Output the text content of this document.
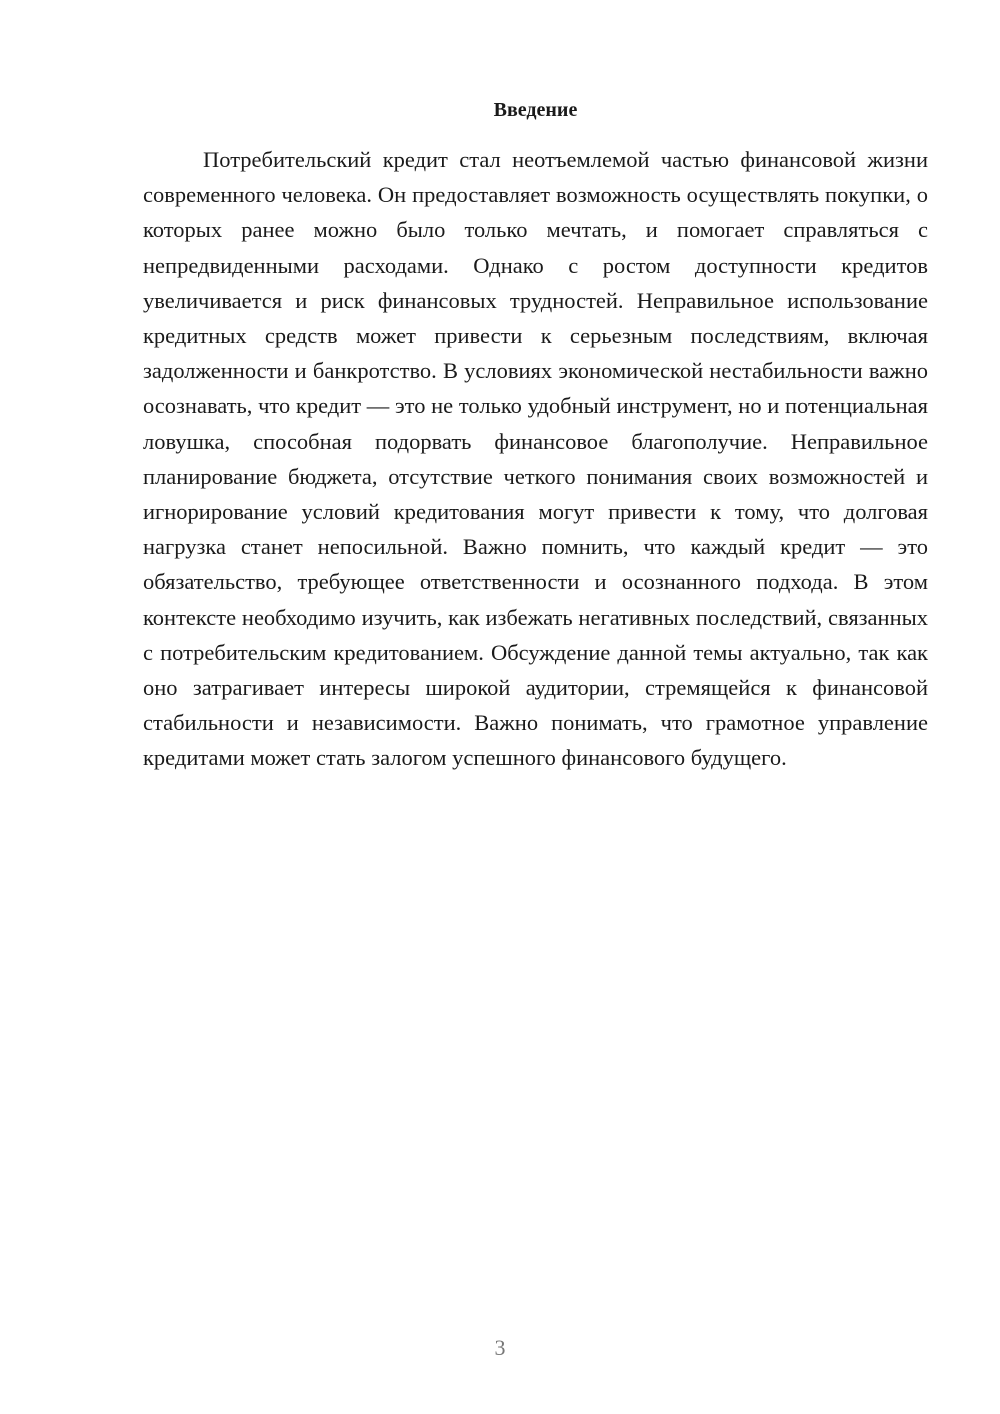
Введение

Потребительский кредит стал неотъемлемой частью финансовой жизни современного человека. Он предоставляет возможность осуществлять покупки, о которых ранее можно было только мечтать, и помогает справляться с непредвиденными расходами. Однако с ростом доступности кредитов увеличивается и риск финансовых трудностей. Неправильное использование кредитных средств может привести к серьезным последствиям, включая задолженности и банкротство. В условиях экономической нестабильности важно осознавать, что кредит — это не только удобный инструмент, но и потенциальная ловушка, способная подорвать финансовое благополучие. Неправильное планирование бюджета, отсутствие четкого понимания своих возможностей и игнорирование условий кредитования могут привести к тому, что долговая нагрузка станет непосильной. Важно помнить, что каждый кредит — это обязательство, требующее ответственности и осознанного подхода. В этом контексте необходимо изучить, как избежать негативных последствий, связанных с потребительским кредитованием. Обсуждение данной темы актуально, так как оно затрагивает интересы широкой аудитории, стремящейся к финансовой стабильности и независимости. Важно понимать, что грамотное управление кредитами может стать залогом успешного финансового будущего.

3
